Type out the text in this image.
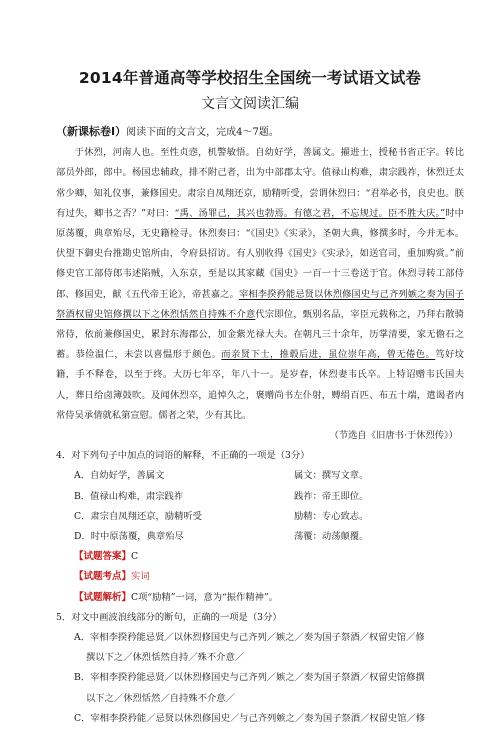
2014年普通高等学校招生全国统一考试语文试卷
文言文阅读汇编

（新课标卷Ⅰ）阅读下面的文言文，完成4～7题。

于休烈，河南人也。至性贞悫，机警敏悟。自幼好学，善属文。擢进士，授秘书省正字。转比部员外郎，郎中。杨国忠辅政，排不附己者，出为中部郡太守。值禄山构难，肃宗践祚，休烈迁太常少卿，知礼仪事，兼修国史。肃宗自凤翔还京，励精听受，尝谓休烈曰：“君举必书，良史也。朕有过失，卿书之否？”对曰：“禹、汤罪己，其兴也勃焉。有德之君，不忘规过。臣不胜大庆。”时中原荡覆，典章殆尽，无史籍检寻。休烈奏曰：“《国史》《实录》，圣朝大典，修撰多时，今并无本。伏望下御史台推勘史馆所由，令府县招访。有人别收得《国史》《实录》，如送官司，重加购赏。”前修史官工部侍郎韦述陷贼，入东京，至是以其家藏《国史》一百一十三卷送于官。休烈寻转工部侍郎、修国史，献《五代帝王论》，帝甚嘉之。宰相李揆矜能忌贤以休烈修国史与己齐列嫉之奏为国子祭酒权留史馆修撰以下之休烈恬然自持殊不介意代宗即位，甄别名品，宰臣元载称之，乃拜右散骑常侍，依前兼修国史，累封东海郡公，加金紫光禄大夫。在朝凡三十余年，历掌清要，家无儋石之蓄。恭俭温仁，未尝以喜愠形于颜色。而亲贤下士，推毂后进，虽位崇年高，曾无倦色。笃好坟籍，手不释卷，以至于终。大历七年卒，年八十一。是岁春，休烈妻韦氏卒。上特诏赠韦氏国夫人，葬日给卤簿鼓吹。及闻休烈卒，追悼久之，褒赠尚书左仆射，赙绢百匹、布五十端，遣谒者内常侍吴承倩就私第宣慰。儒者之荣，少有其比。

（节选自《旧唐书·于休烈传》）

4．对下列句子中加点的词语的解释，不正确的一项是（3分）

A．自幼好学，善属文	属文：撰写文章。
B．值禄山构难，肃宗践祚	践祚：帝王即位。
C．肃宗自凤翔还京，励精听受	励精：专心致志。
D．时中原荡覆，典章殆尽	荡覆：动荡颠覆。

【试题答案】 C

【试题考点】 实词

【试题解析】 C项“励精”一词，意为“振作精神”。

5．对文中画波浪线部分的断句，正确的一项是（3分）

A．宰相李揆矜能忌贤／以休烈修国史与己齐列／嫉之／奏为国子祭酒／权留史馆／修
撰以下之／休烈恬然自持／殊不介意／

B．宰相李揆矜能忌贤／以休烈修国史与己齐列／嫉之／奏为国子祭酒／权留史馆修撰
以下之／休烈恬然／自持殊不介意／

C．宰相李揆矜能／忌贤以休烈修国史／与己齐列嫉之／奏为国子祭酒／权留史馆／修
